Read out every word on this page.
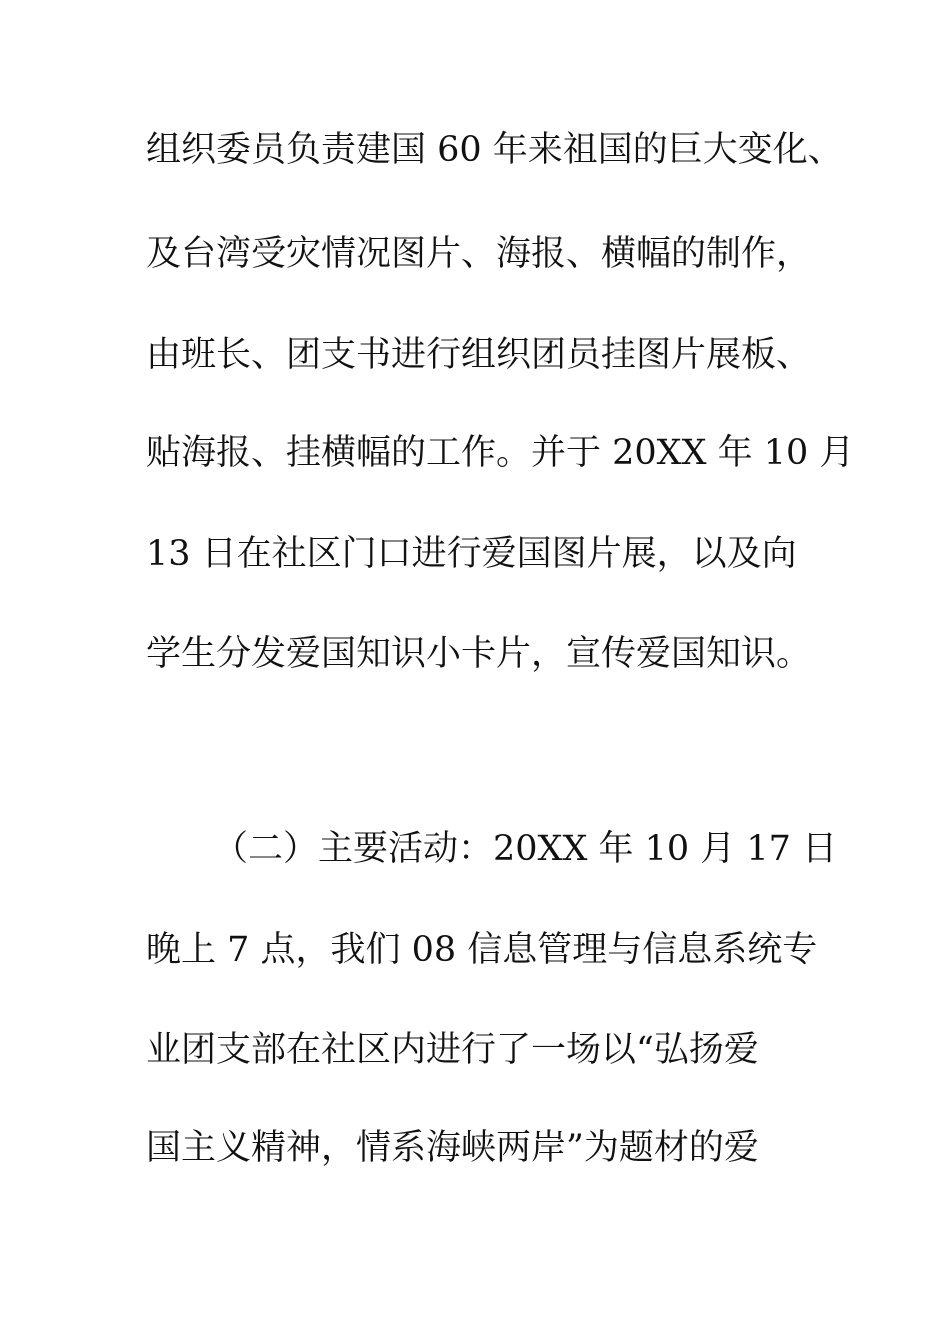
组织委员负责建国 60 年来祖国的巨大变化、
及台湾受灾情况图片、海报、横幅的制作，
由班长、团支书进行组织团员挂图片展板、
贴海报、挂横幅的工作。并于 20XX 年 10 月
13 日在社区门口进行爱国图片展，以及向
学生分发爱国知识小卡片，宣传爱国知识。
（二）主要活动：20XX 年 10 月 17 日
晚上 7 点，我们 08 信息管理与信息系统专
业团支部在社区内进行了一场以“弘扬爱
国主义精神，情系海峡两岸”为题材的爱
